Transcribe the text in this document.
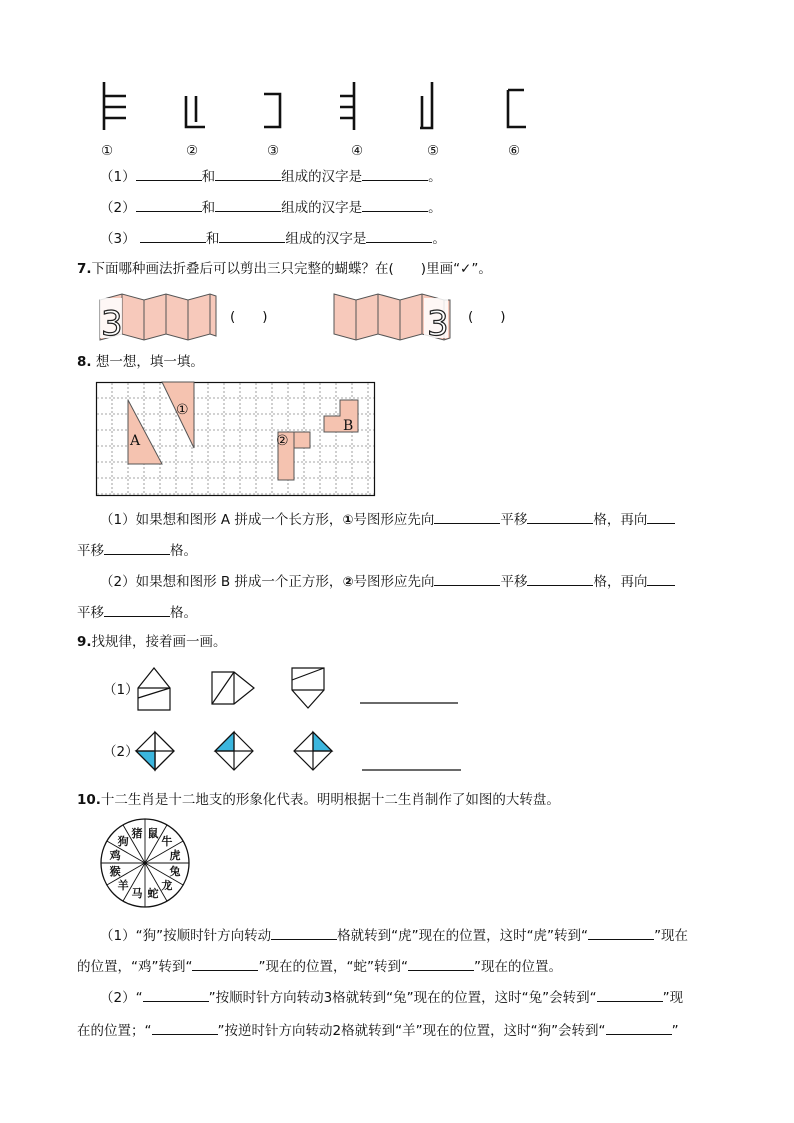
①	②	③	④	⑤	⑥
（1）	和	组成的汉字是	。
（2）	和	组成的汉字是	。
（3）	和	组成的汉字是	。
7.下面哪种画法折叠后可以剪出三只完整的蝴蝶？在(　　)里画“✓”。
3	3
(　　)	(　　)
8. 想一想，填一填。
A
①
②
B
（1）如果想和图形 A 拼成一个长方形，①号图形应先向	平移	格，再向
平移	格。
（2）如果想和图形 B 拼成一个正方形，②号图形应先向	平移	格，再向
平移	格。
9.找规律，接着画一画。
（1）
（2）
10.十二生肖是十二地支的形象化代表。明明根据十二生肖制作了如图的大转盘。
鼠
牛
虎
兔
龙
蛇
马
羊
猴
鸡
狗
猪
（1）“狗”按顺时针方向转动	格就转到“虎”现在的位置，这时“虎”转到“	”现在
的位置，“鸡”转到“	”现在的位置，“蛇”转到“	”现在的位置。
（2）“	”按顺时针方向转动3格就转到“兔”现在的位置，这时“兔”会转到“	”现
在的位置；“	”按逆时针方向转动2格就转到“羊”现在的位置，这时“狗”会转到“	”
